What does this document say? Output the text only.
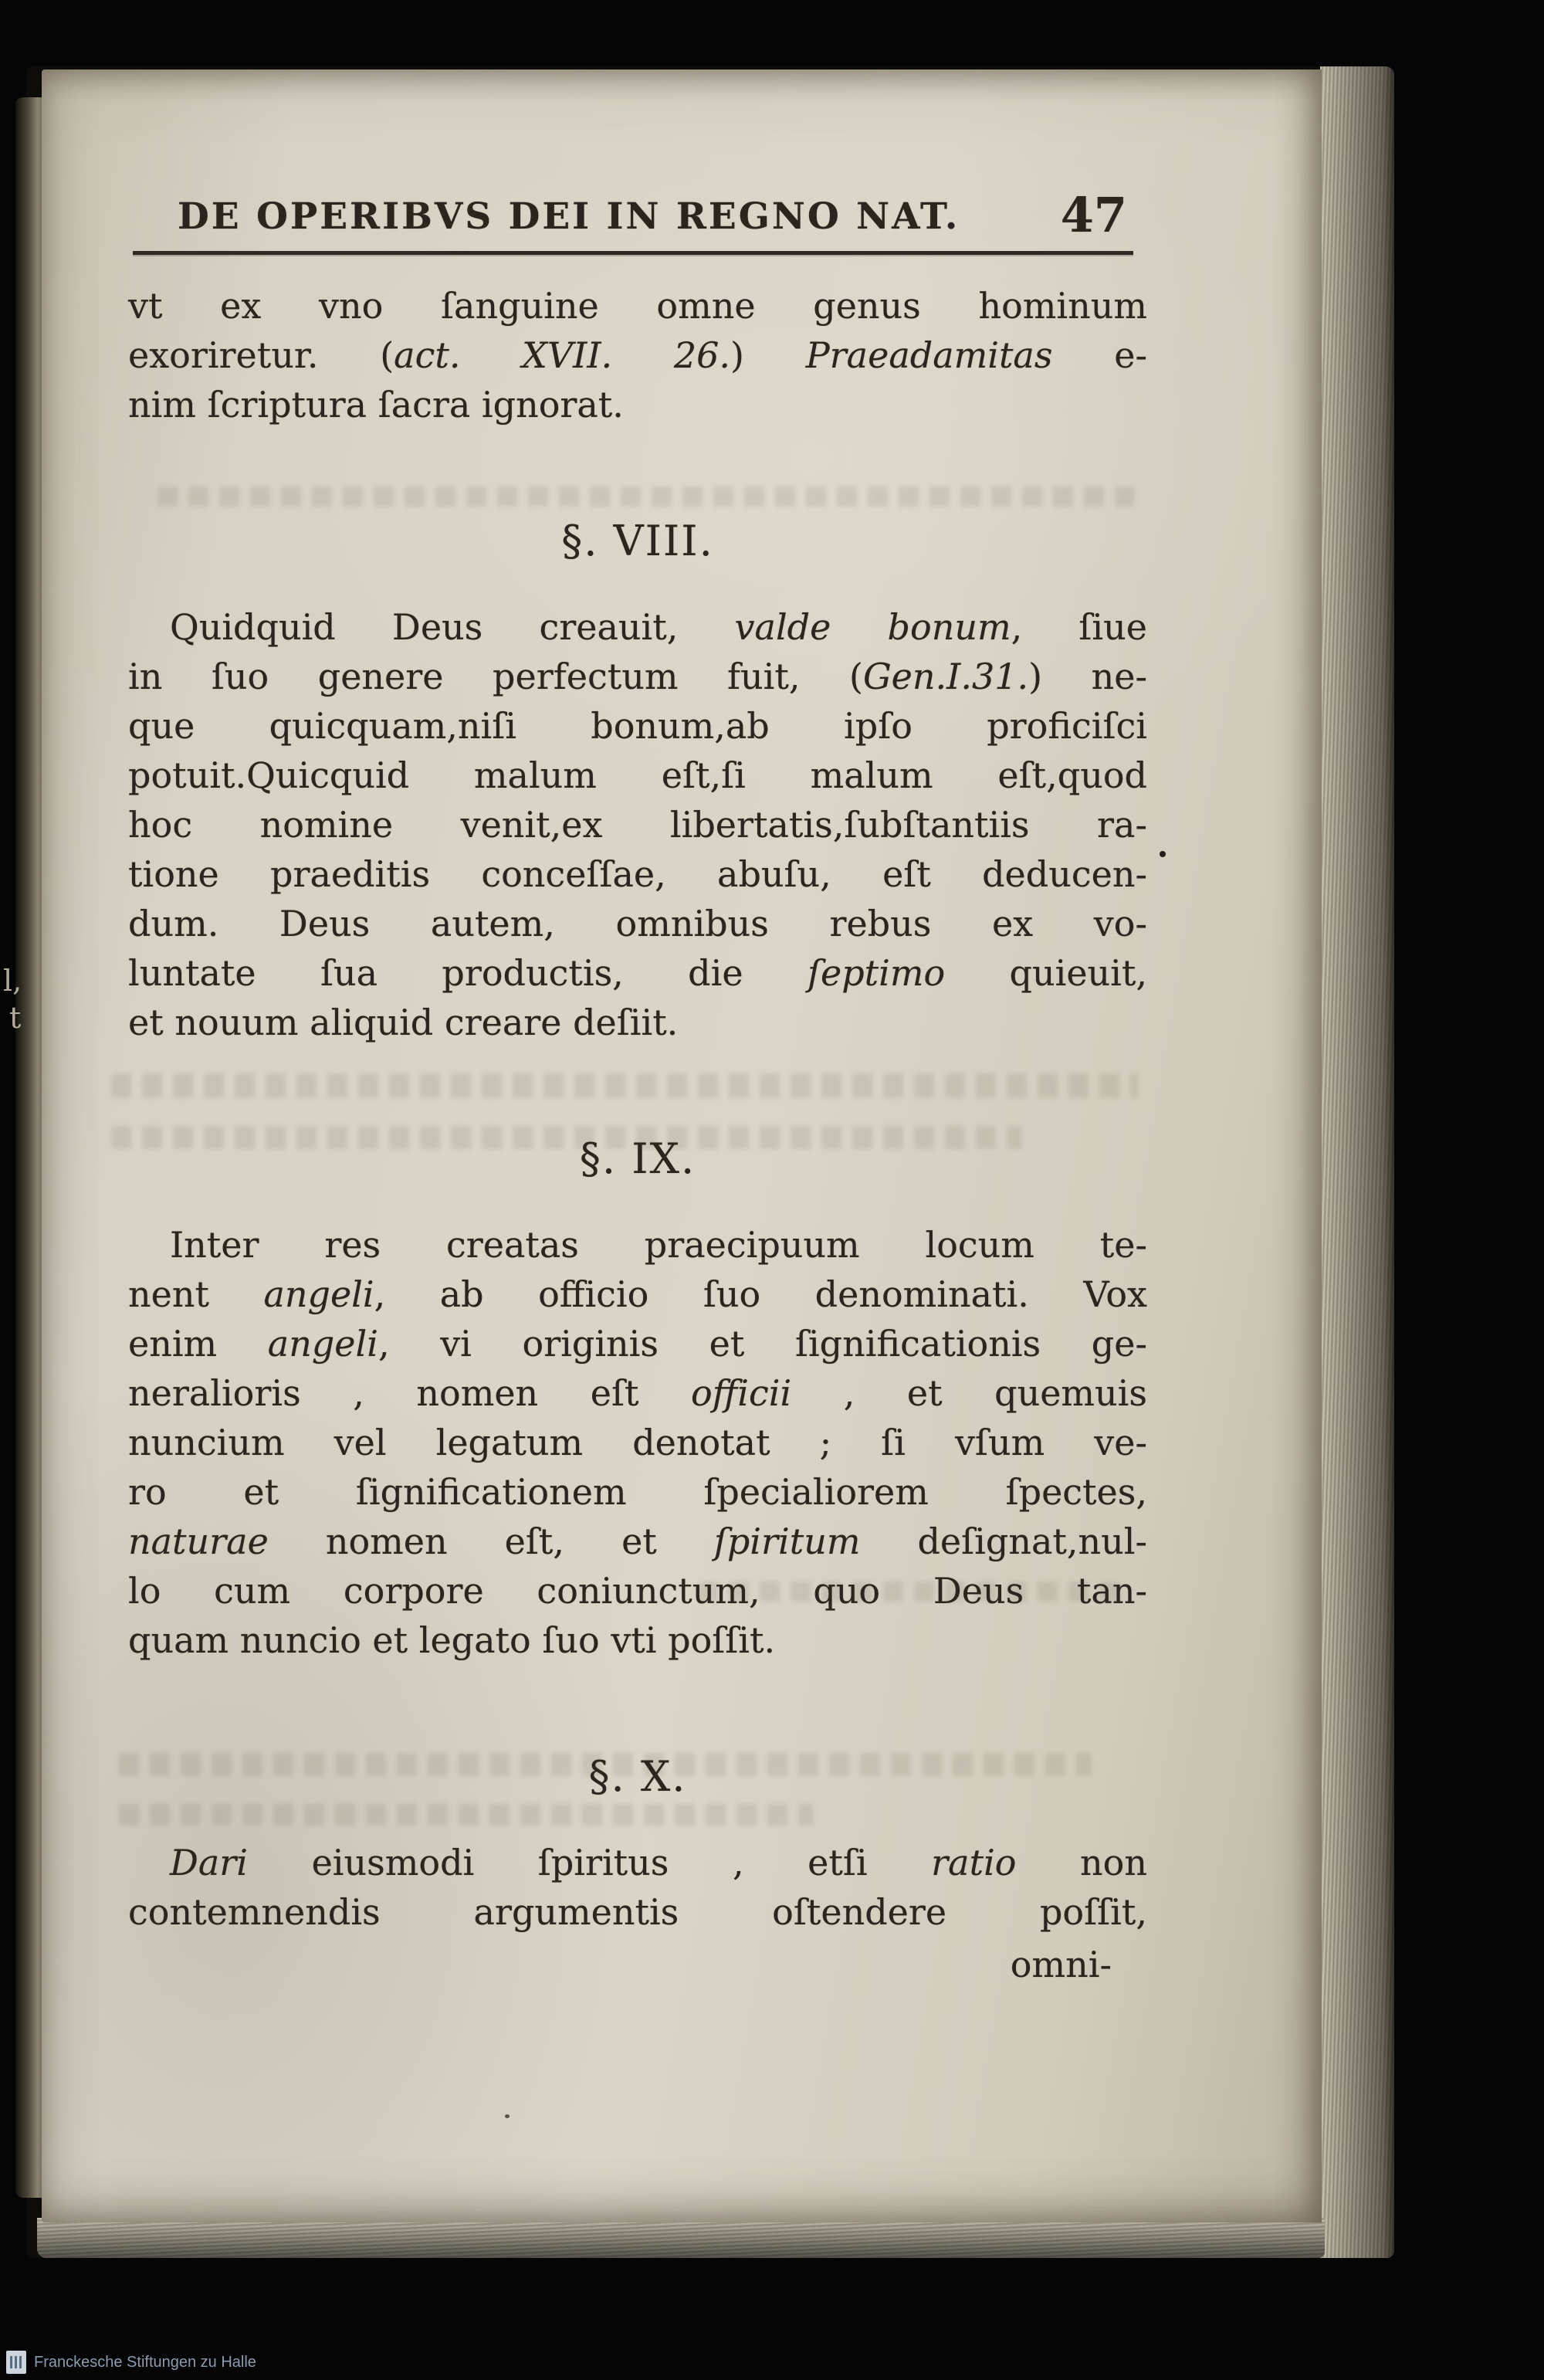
DE OPERIBVS DEI IN REGNO NAT. 47
vt ex vno ſanguine omne genus hominum
exoriretur. (act. XVII. 26.) Praeadamitas e-
nim ſcriptura ſacra ignorat.
§. VIII.
Quidquid Deus creauit, valde bonum, ſiue
in ſuo genere perfectum fuit, (Gen.I.31.) ne-
que quicquam,niſi bonum,ab ipſo proficiſci
potuit.Quicquid malum eſt,ſi malum eſt,quod
hoc nomine venit,ex libertatis,ſubſtantiis ra-
tione praeditis conceſſae, abuſu, eſt deducen-
dum. Deus autem, omnibus rebus ex vo-
luntate ſua productis, die ſeptimo quieuit,
et nouum aliquid creare deſiit.
§. IX.
Inter res creatas praecipuum locum te-
nent angeli, ab officio ſuo denominati. Vox
enim angeli, vi originis et ſignificationis ge-
neralioris , nomen eſt officii , et quemuis
nuncium vel legatum denotat ; ſi vſum ve-
ro et ſignificationem ſpecialiorem ſpectes,
naturae nomen eſt, et ſpiritum deſignat,nul-
lo cum corpore coniunctum, quo Deus tan-
quam nuncio et legato ſuo vti poſſit.
§. X.
Dari eiusmodi ſpiritus , etſi ratio non
contemnendis argumentis oſtendere poſſit,
omni-
l,
t
Franckesche Stiftungen zu Halle
